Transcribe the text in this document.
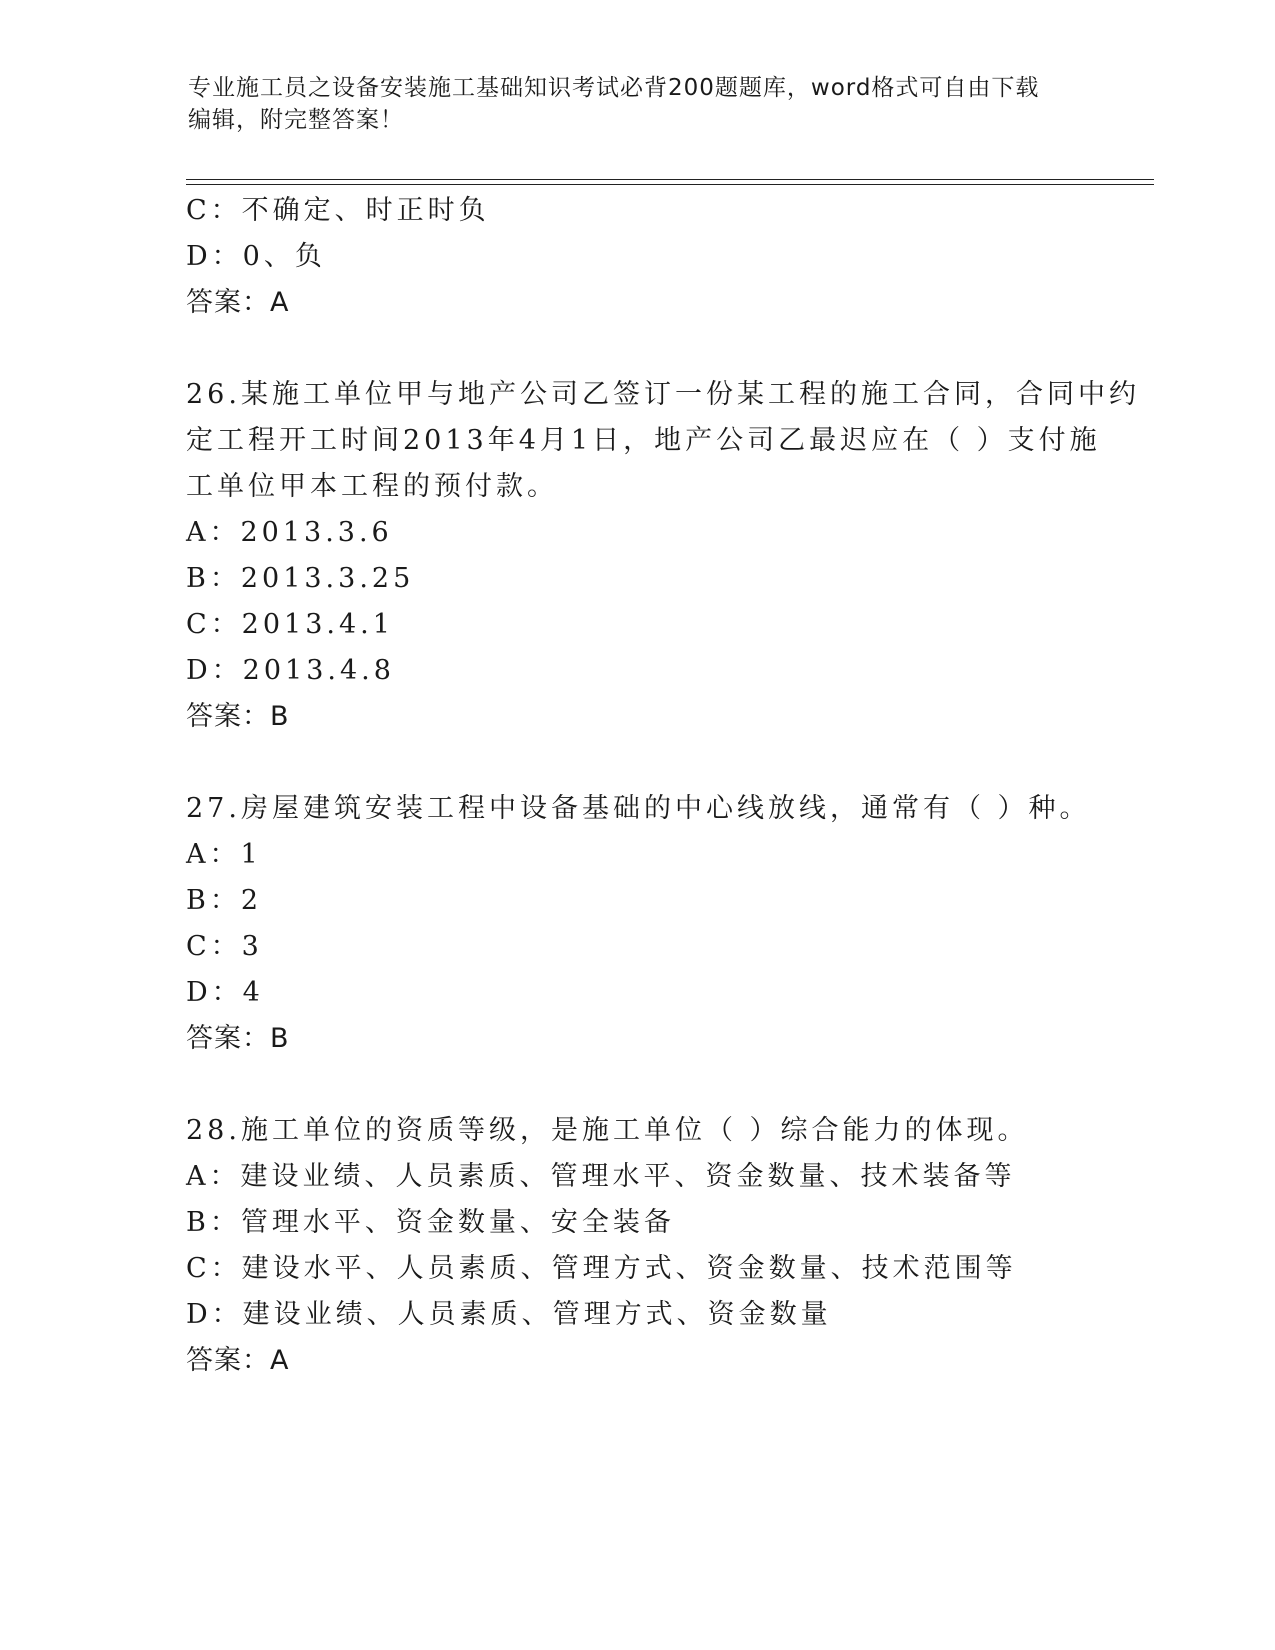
专业施工员之设备安装施工基础知识考试必背200题题库，word格式可自由下载
编辑，附完整答案！
C：不确定、时正时负
D：0、负
答案：A
26.某施工单位甲与地产公司乙签订一份某工程的施工合同，合同中约
定工程开工时间2013年4月1日，地产公司乙最迟应在（ ）支付施
工单位甲本工程的预付款。
A：2013.3.6
B：2013.3.25
C：2013.4.1
D：2013.4.8
答案：B
27.房屋建筑安装工程中设备基础的中心线放线，通常有（ ）种。
A：1
B：2
C：3
D：4
答案：B
28.施工单位的资质等级，是施工单位（ ）综合能力的体现。
A：建设业绩、人员素质、管理水平、资金数量、技术装备等
B：管理水平、资金数量、安全装备
C：建设水平、人员素质、管理方式、资金数量、技术范围等
D：建设业绩、人员素质、管理方式、资金数量
答案：A
